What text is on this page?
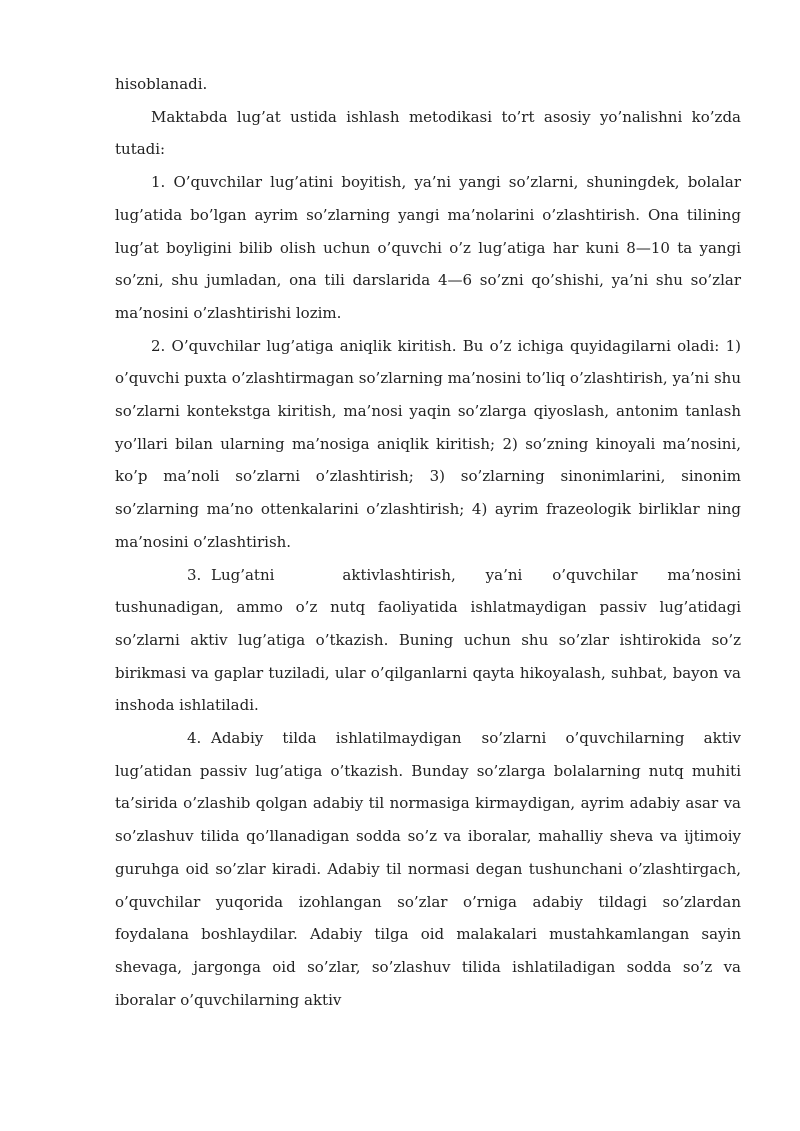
hisoblanadi.

Maktabda lug’at ustida ishlash metodikasi to’rt asosiy yo’nalishni ko’zda tutadi:

1. O’quvchilar lug’atini boyitish, ya’ni yangi so’zlarni, shuningdek, bolalar lug’atida bo’lgan ayrim so’zlarning yangi ma’nolarini o’zlashtirish. Ona tilining lug’at boyligini bilib olish uchun o’quvchi o’z lug’atiga har kuni 8—10 ta yangi so’zni, shu jumladan, ona tili darslarida 4—6 so’zni qo’shishi, ya’ni shu so’zlar ma’nosini o’zlashtirishi lozim.

2. O’quvchilar lug’atiga aniqlik kiritish. Bu o’z ichiga quyidagilarni oladi: 1) o’quvchi puxta o’zlashtirmagan so’zlarning ma’nosini to’liq o’zlashtirish, ya’ni shu so’zlarni kontekstga kiritish, ma’nosi yaqin so’zlarga qiyoslash, antonim tanlash yo’llari bilan ularning ma’nosiga aniqlik kiritish; 2) so’zning kinoyali ma’nosini, ko’p ma’noli so’zlarni o’zlashtirish; 3) so’zlarning sinonimlarini, sinonim so’zlarning ma’no ottenkalarini o’zlashtirish; 4) ayrim frazeologik birliklar ning ma’nosini o’zlashtirish.

3. Lug’atni	aktivlashtirish, ya’ni o’quvchilar ma’nosini tushunadigan, ammo o’z nutq faoliyatida ishlatmaydigan passiv lug’atidagi so’zlarni aktiv lug’atiga o’tkazish. Buning uchun shu so’zlar ishtirokida so’z birikmasi va gaplar tuziladi, ular o’qilganlarni qayta hikoyalash, suhbat, bayon va inshoda ishlatiladi.

4. Adabiy tilda ishlatilmaydigan so’zlarni o’quvchilarning aktiv lug’atidan passiv lug’atiga o’tkazish. Bunday so’zlarga bolalarning nutq muhiti ta’sirida o’zlashib qolgan adabiy til normasiga kirmaydigan, ayrim adabiy asar va so’zlashuv tilida qo’llanadigan sodda so’z va iboralar, mahalliy sheva va ijtimoiy guruhga oid so’zlar kiradi. Adabiy til normasi degan tushunchani o’zlashtirgach, o’quvchilar yuqorida izohlangan so’zlar o’rniga adabiy tildagi so’zlardan foydalana boshlaydilar. Adabiy tilga oid malakalari mustahkamlangan sayin shevaga, jargonga oid so’zlar, so’zlashuv tilida ishlatiladigan sodda so’z va iboralar o’quvchilarning aktiv
